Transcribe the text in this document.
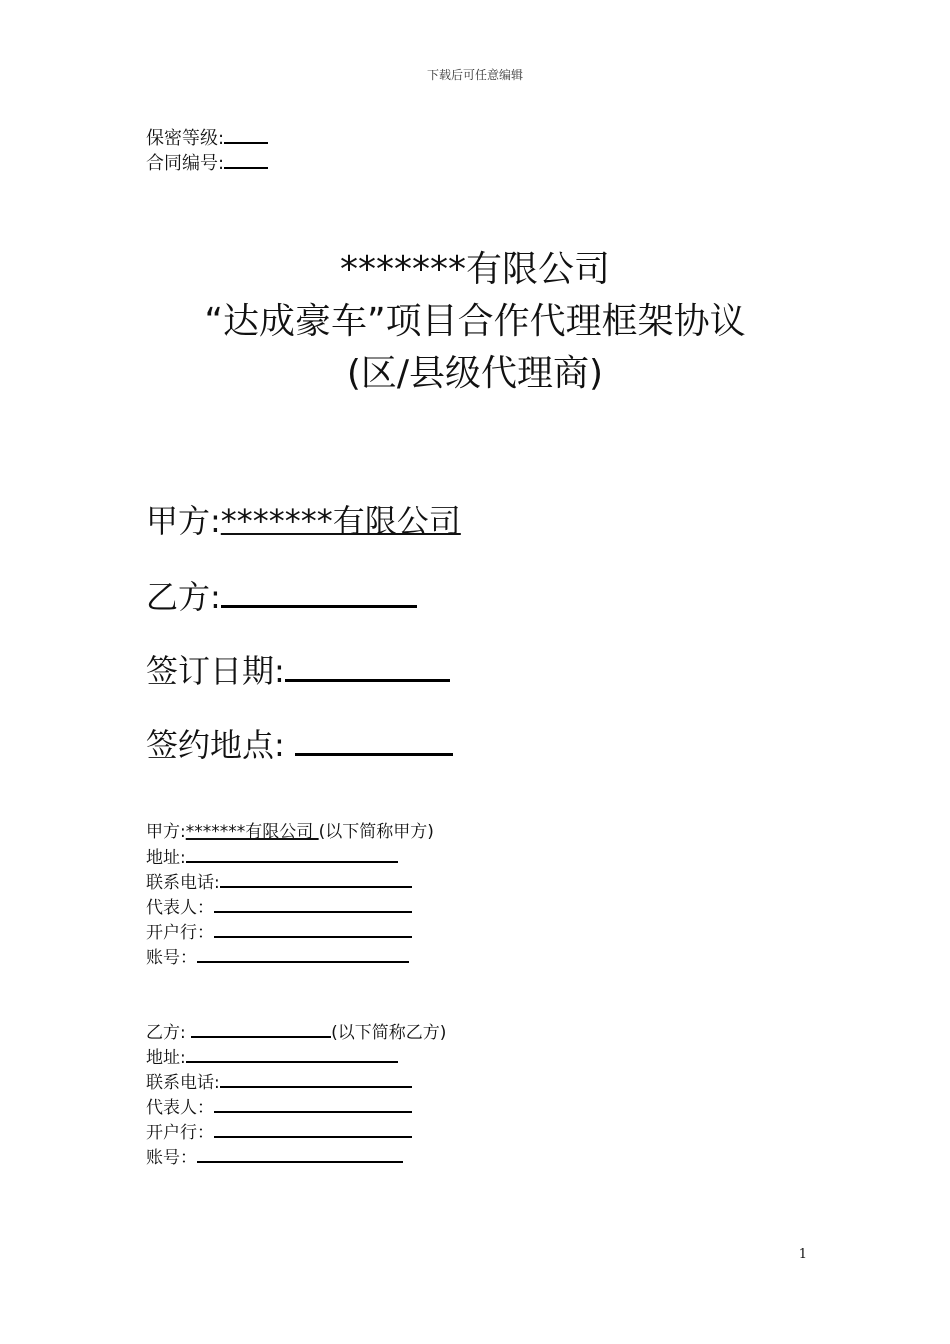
下载后可任意编辑
保密等级:
合同编号:
*******有限公司
“达成豪车”项目合作代理框架协议
(区/县级代理商)
甲方:*******有限公司
乙方:
签订日期:
签约地点:
甲方:*******有限公司 (以下简称甲方)
地址:
联系电话:
代表人：
开户行：
账号：
乙方:	(以下简称乙方)
地址:
联系电话:
代表人：
开户行：
账号：
1
